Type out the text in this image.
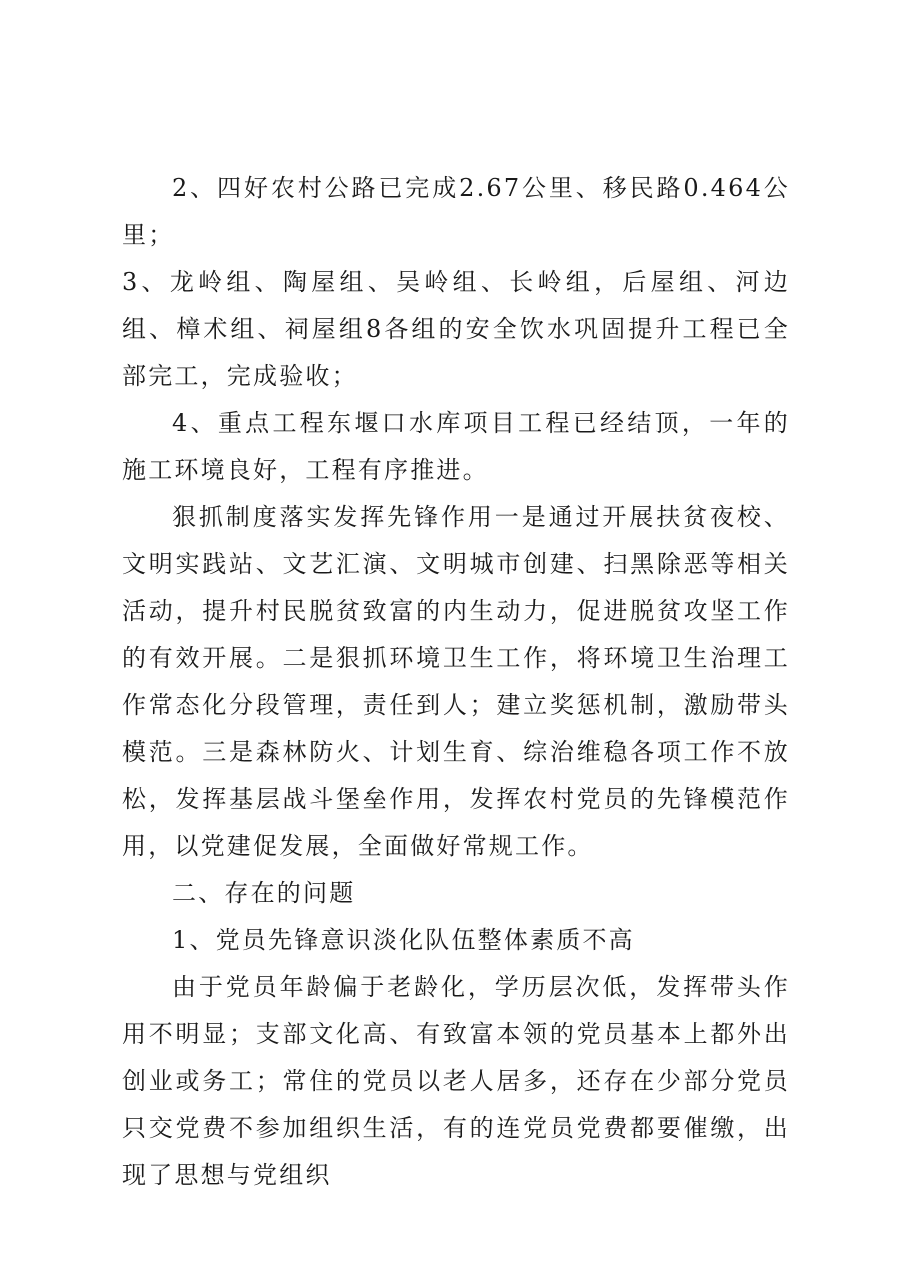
2、四好农村公路已完成2.67公里、移民路0.464公里；

3、龙岭组、陶屋组、吴岭组、长岭组，后屋组、河边组、樟术组、祠屋组8各组的安全饮水巩固提升工程已全部完工，完成验收；

4、重点工程东堰口水库项目工程已经结顶，一年的施工环境良好，工程有序推进。

狠抓制度落实发挥先锋作用一是通过开展扶贫夜校、文明实践站、文艺汇演、文明城市创建、扫黑除恶等相关活动，提升村民脱贫致富的内生动力，促进脱贫攻坚工作的有效开展。二是狠抓环境卫生工作，将环境卫生治理工作常态化分段管理，责任到人；建立奖惩机制，激励带头模范。三是森林防火、计划生育、综治维稳各项工作不放松，发挥基层战斗堡垒作用，发挥农村党员的先锋模范作用，以党建促发展，全面做好常规工作。

二、存在的问题

1、党员先锋意识淡化队伍整体素质不高

由于党员年龄偏于老龄化，学历层次低，发挥带头作用不明显；支部文化高、有致富本领的党员基本上都外出创业或务工；常住的党员以老人居多，还存在少部分党员只交党费不参加组织生活，有的连党员党费都要催缴，出现了思想与党组织
